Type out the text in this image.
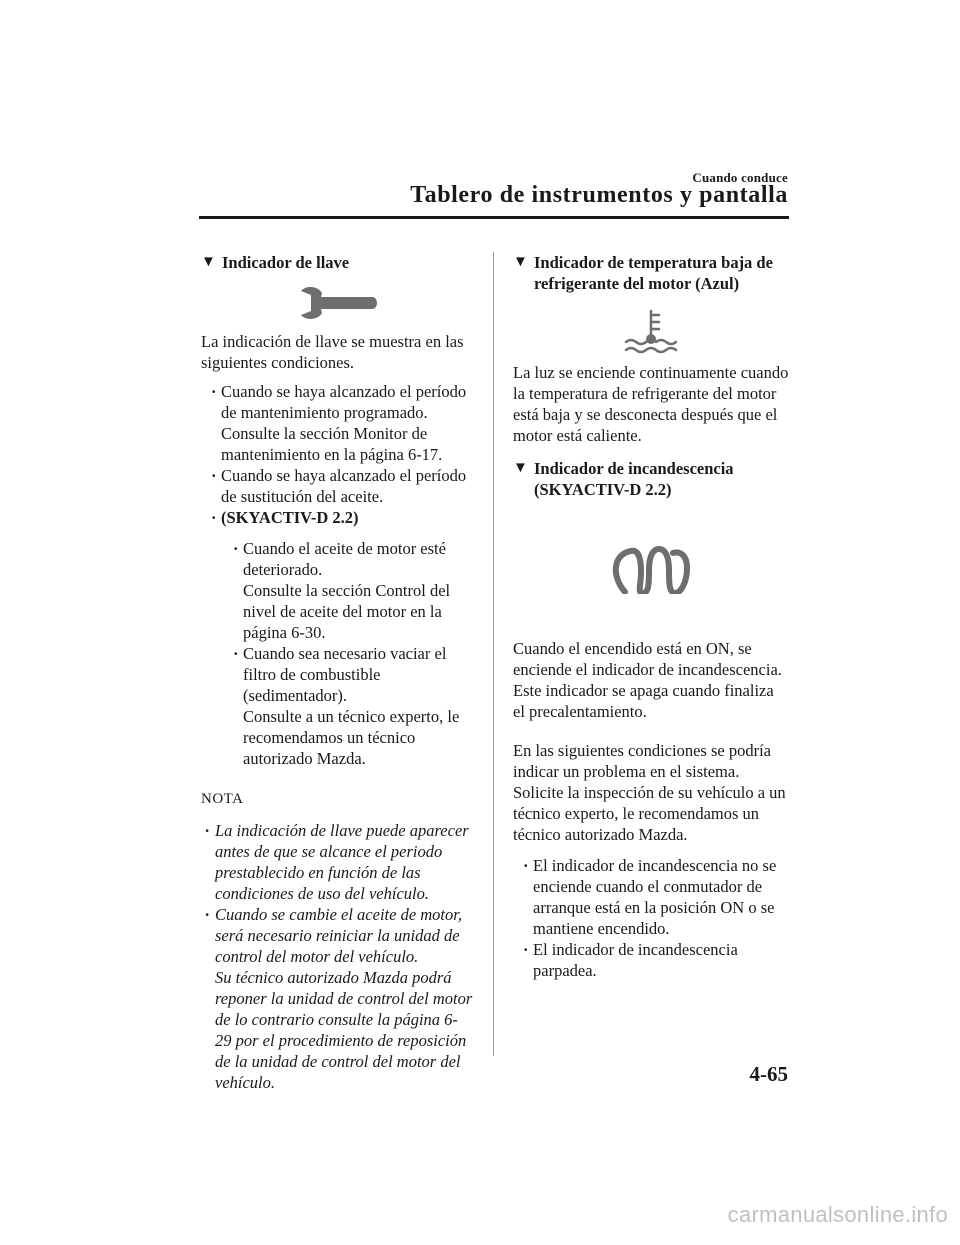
Cuando conduce
Tablero de instrumentos y pantalla
▼ Indicador de llave

La indicación de llave se muestra en las siguientes condiciones.

· Cuando se haya alcanzado el período de mantenimiento programado.
Consulte la sección Monitor de mantenimiento en la página 6-17.
· Cuando se haya alcanzado el período de sustitución del aceite.
· (SKYACTIV-D 2.2)
· Cuando el aceite de motor esté deteriorado.
Consulte la sección Control del nivel de aceite del motor en la página 6-30.
· Cuando sea necesario vaciar el filtro de combustible (sedimentador).
Consulte a un técnico experto, le recomendamos un técnico autorizado Mazda.
NOTA
· La indicación de llave puede aparecer antes de que se alcance el periodo prestablecido en función de las condiciones de uso del vehículo.
· Cuando se cambie el aceite de motor, será necesario reiniciar la unidad de control del motor del vehículo.
Su técnico autorizado Mazda podrá reponer la unidad de control del motor de lo contrario consulte la página 6-29 por el procedimiento de reposición de la unidad de control del motor del vehículo.
▼ Indicador de temperatura baja de refrigerante del motor (Azul)

La luz se enciende continuamente cuando la temperatura de refrigerante del motor está baja y se desconecta después que el motor está caliente.

▼ Indicador de incandescencia (SKYACTIV-D 2.2)

Cuando el encendido está en ON, se enciende el indicador de incandescencia. Este indicador se apaga cuando finaliza el precalentamiento.

En las siguientes condiciones se podría indicar un problema en el sistema. Solicite la inspección de su vehículo a un técnico experto, le recomendamos un técnico autorizado Mazda.

· El indicador de incandescencia no se enciende cuando el conmutador de arranque está en la posición ON o se mantiene encendido.
· El indicador de incandescencia parpadea.
4-65
carmanualsonline.info
